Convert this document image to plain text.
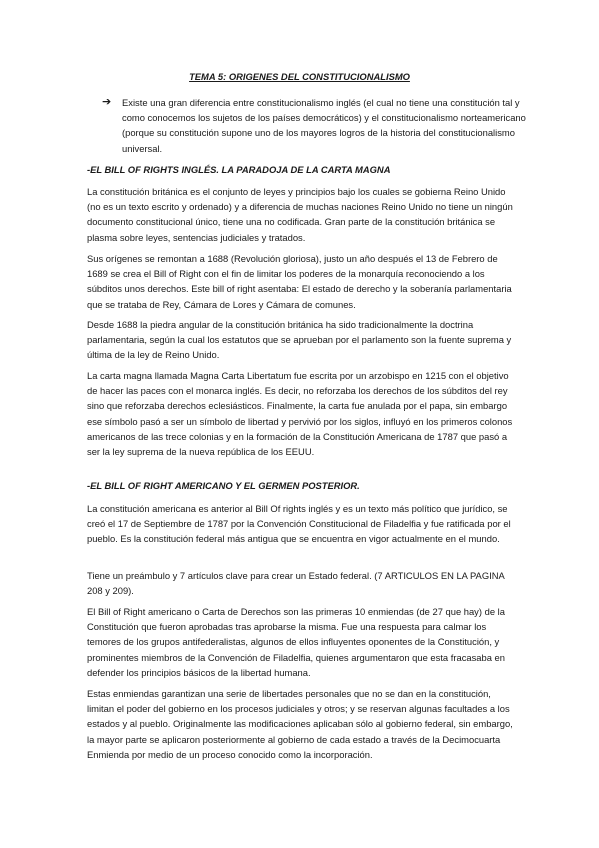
TEMA 5: ORIGENES DEL CONSTITUCIONALISMO
➔ Existe una gran diferencia entre constitucionalismo inglés (el cual no tiene una constitución tal y como conocemos los sujetos de los países democráticos) y el constitucionalismo norteamericano (porque su constitución supone uno de los mayores logros de la historia del constitucionalismo universal.
-EL BILL OF RIGHTS INGLÉS. LA PARADOJA DE LA CARTA MAGNA
La constitución británica es el conjunto de leyes y principios bajo los cuales se gobierna Reino Unido (no es un texto escrito y ordenado) y a diferencia de muchas naciones Reino Unido no tiene un ningún documento constitucional único, tiene una no codificada. Gran parte de la constitución británica se plasma sobre leyes, sentencias judiciales y tratados.
Sus orígenes se remontan a 1688 (Revolución gloriosa), justo un año después el 13 de Febrero de 1689 se crea el Bill of Right con el fin de limitar los poderes de la monarquía reconociendo a los súbditos unos derechos. Este bill of right asentaba: El estado de derecho y la soberanía parlamentaria que se trataba de Rey, Cámara de Lores y Cámara de comunes.
Desde 1688 la piedra angular de la constitución británica ha sido tradicionalmente la doctrina parlamentaria, según la cual los estatutos que se aprueban por el parlamento son la fuente suprema y última de la ley de Reino Unido.
La carta magna llamada Magna Carta Libertatum fue escrita por un arzobispo en 1215 con el objetivo de hacer las paces con el monarca inglés. Es decir, no reforzaba los derechos de los súbditos del rey sino que reforzaba derechos eclesiásticos. Finalmente, la carta fue anulada por el papa, sin embargo ese símbolo pasó a ser un símbolo de libertad y pervivió por los siglos, influyó en los primeros colonos americanos de las trece colonias y en la formación de la Constitución Americana de 1787 que pasó a ser la ley suprema de la nueva república de los EEUU.
-EL BILL OF RIGHT AMERICANO Y EL GERMEN POSTERIOR.
La constitución americana es anterior al Bill Of rights inglés y es un texto más político que jurídico, se creó el 17 de Septiembre de 1787 por la Convención Constitucional de Filadelfia y fue ratificada por el pueblo. Es la constitución federal más antigua que se encuentra en vigor actualmente en el mundo.
Tiene un preámbulo y 7 artículos clave para crear un Estado federal. (7 ARTICULOS EN LA PAGINA 208 y 209).
El Bill of Right americano o Carta de Derechos son las primeras 10 enmiendas (de 27 que hay) de la Constitución que fueron aprobadas tras aprobarse la misma. Fue una respuesta para calmar los temores de los grupos antifederalistas, algunos de ellos influyentes oponentes de la Constitución, y prominentes miembros de la Convención de Filadelfia, quienes argumentaron que esta fracasaba en defender los principios básicos de la libertad humana.
Estas enmiendas garantizan una serie de libertades personales que no se dan en la constitución, limitan el poder del gobierno en los procesos judiciales y otros; y se reservan algunas facultades a los estados y al pueblo. Originalmente las modificaciones aplicaban sólo al gobierno federal, sin embargo, la mayor parte se aplicaron posteriormente al gobierno de cada estado a través de la Decimocuarta Enmienda por medio de un proceso conocido como la incorporación.
